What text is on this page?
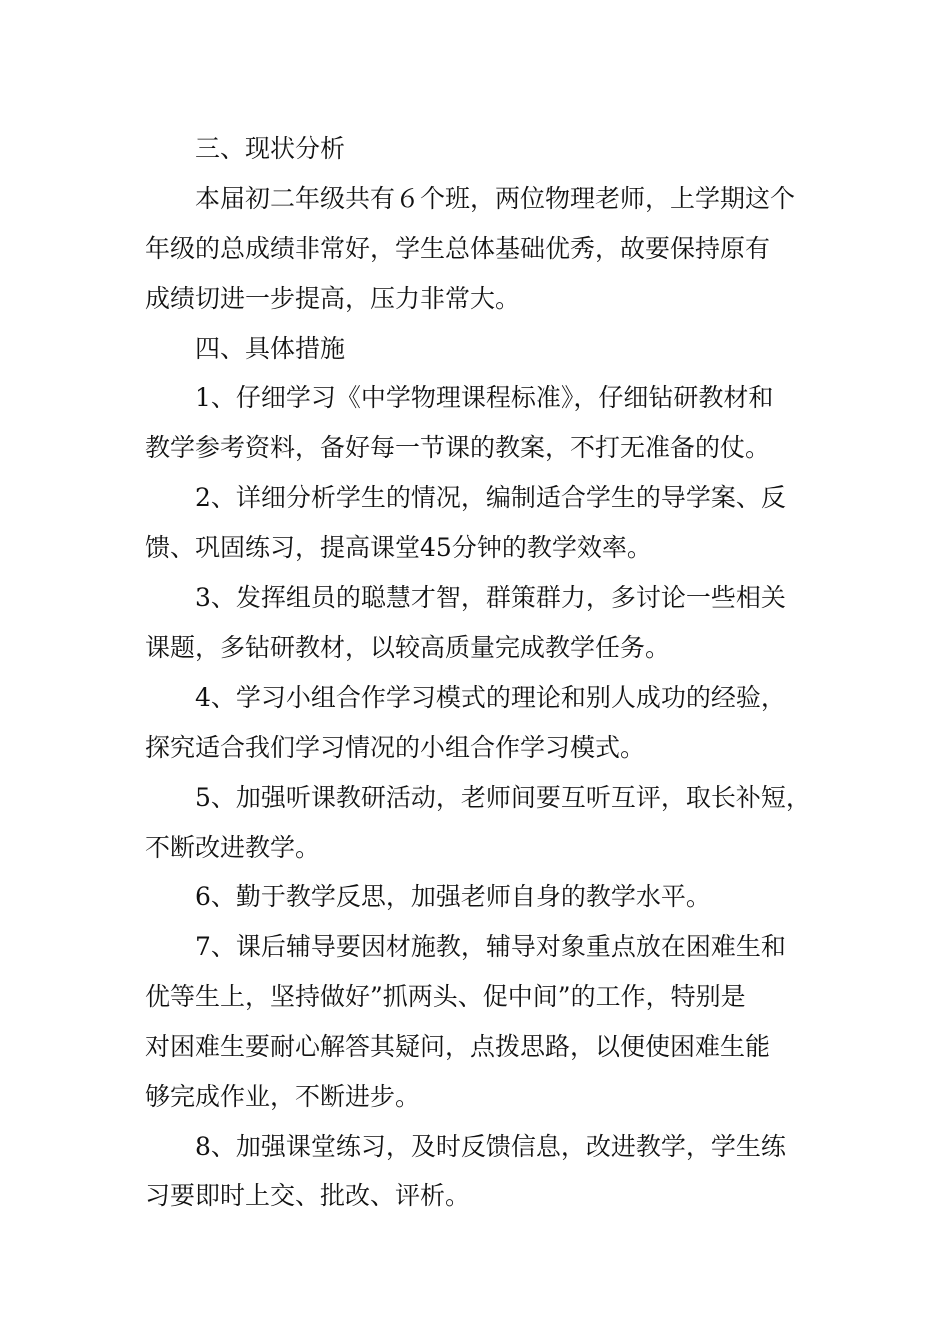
三、现状分析

本届初二年级共有６个班，两位物理老师，上学期这个

年级的总成绩非常好，学生总体基础优秀，故要保持原有

成绩切进一步提高，压力非常大。

四、具体措施

1、仔细学习《中学物理课程标准》，仔细钻研教材和

教学参考资料，备好每一节课的教案，不打无准备的仗。

2、详细分析学生的情况，编制适合学生的导学案、反

馈、巩固练习，提高课堂45分钟的教学效率。

3、发挥组员的聪慧才智，群策群力，多讨论一些相关

课题，多钻研教材，以较高质量完成教学任务。

4、学习小组合作学习模式的理论和别人成功的经验，

探究适合我们学习情况的小组合作学习模式。

5、加强听课教研活动，老师间要互听互评，取长补短，

不断改进教学。

6、勤于教学反思，加强老师自身的教学水平。

7、课后辅导要因材施教，辅导对象重点放在困难生和

优等生上，坚持做好”抓两头、促中间”的工作，特别是

对困难生要耐心解答其疑问，点拨思路，以便使困难生能

够完成作业，不断进步。

8、加强课堂练习，及时反馈信息，改进教学，学生练

习要即时上交、批改、评析。
